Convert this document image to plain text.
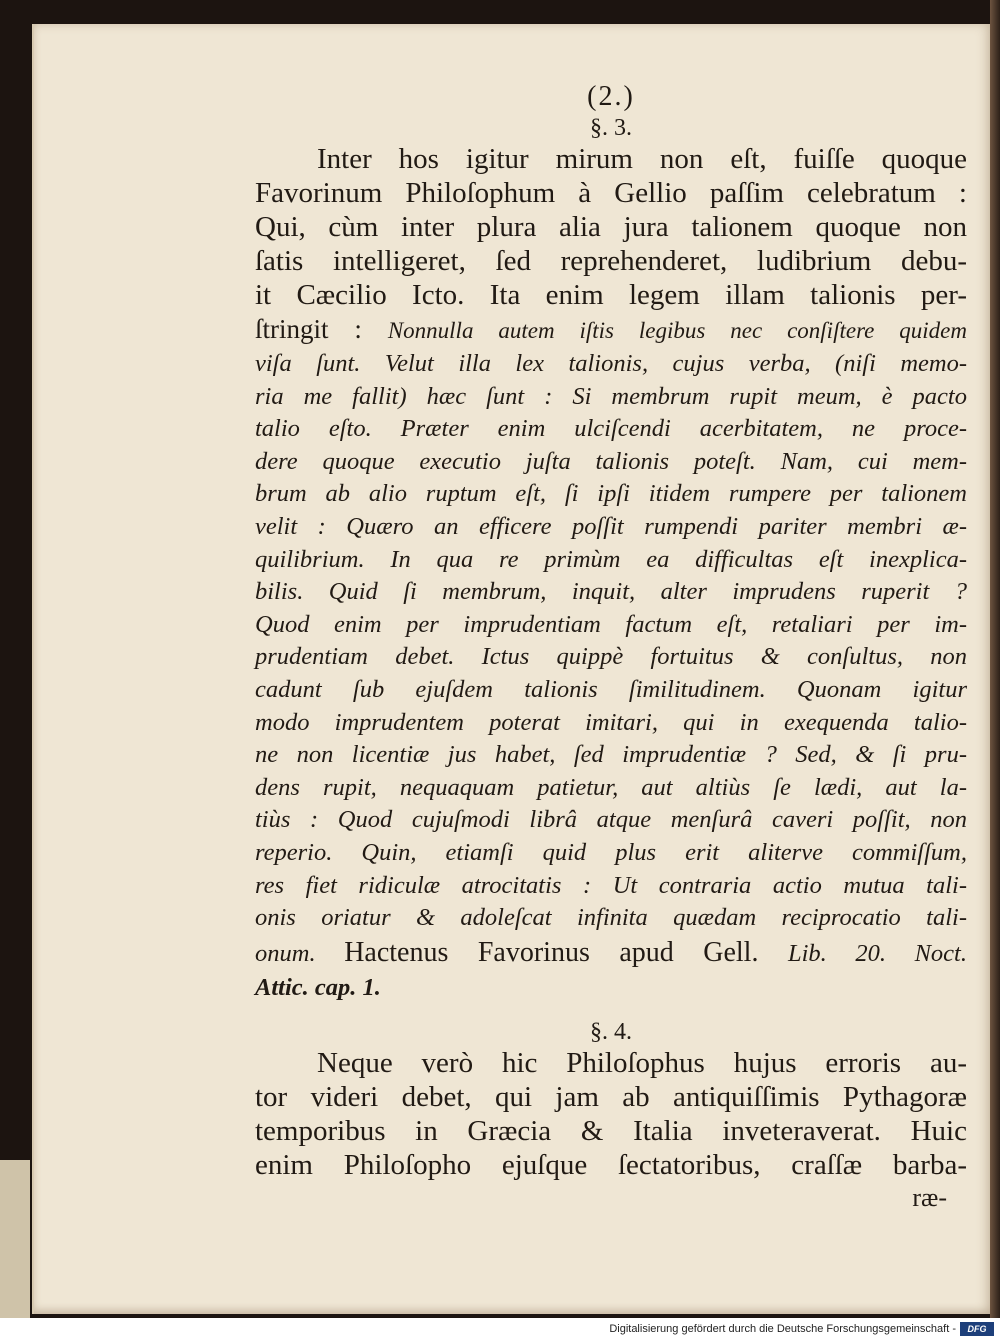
(2.)
§. 3.
Inter hos igitur mirum non eſt, fuiſſe quoque
Favorinum Philoſophum à Gellio paſſim celebratum :
Qui, cùm inter plura alia jura talionem quoque non
ſatis intelligeret, ſed reprehenderet, ludibrium debu-
it Cæcilio Icto. Ita enim legem illam talionis per-
ſtringit : Nonnulla autem iſtis legibus nec conſiſtere quidem
viſa ſunt. Velut illa lex talionis, cujus verba, (niſi memo-
ria me fallit) hæc ſunt : Si membrum rupit meum, è pacto
talio eſto. Præter enim ulciſcendi acerbitatem, ne proce-
dere quoque executio juſta talionis poteſt. Nam, cui mem-
brum ab alio ruptum eſt, ſi ipſi itidem rumpere per talionem
velit : Quæro an efficere poſſit rumpendi pariter membri æ-
quilibrium. In qua re primùm ea difficultas eſt inexplica-
bilis. Quid ſi membrum, inquit, alter imprudens ruperit ?
Quod enim per imprudentiam factum eſt, retaliari per im-
prudentiam debet. Ictus quippè fortuitus & conſultus, non
cadunt ſub ejuſdem talionis ſimilitudinem. Quonam igitur
modo imprudentem poterat imitari, qui in exequenda talio-
ne non licentiæ jus habet, ſed imprudentiæ ? Sed, & ſi pru-
dens rupit, nequaquam patietur, aut altiùs ſe lædi, aut la-
tiùs : Quod cujuſmodi librâ atque menſurâ caveri poſſit, non
reperio. Quin, etiamſi quid plus erit aliterve commiſſum,
res fiet ridiculæ atrocitatis : Ut contraria actio mutua tali-
onis oriatur & adoleſcat infinita quædam reciprocatio tali-
onum. Hactenus Favorinus apud Gell. Lib. 20. Noct.
Attic. cap. 1.
§. 4.
Neque verò hic Philoſophus hujus erroris au-
tor videri debet, qui jam ab antiquiſſimis Pythagoræ
temporibus in Græcia & Italia inveteraverat. Huic
enim Philoſopho ejuſque ſectatoribus, craſſæ barba-
ræ-
Digitalisierung gefördert durch die Deutsche Forschungsgemeinschaft -	DFG
